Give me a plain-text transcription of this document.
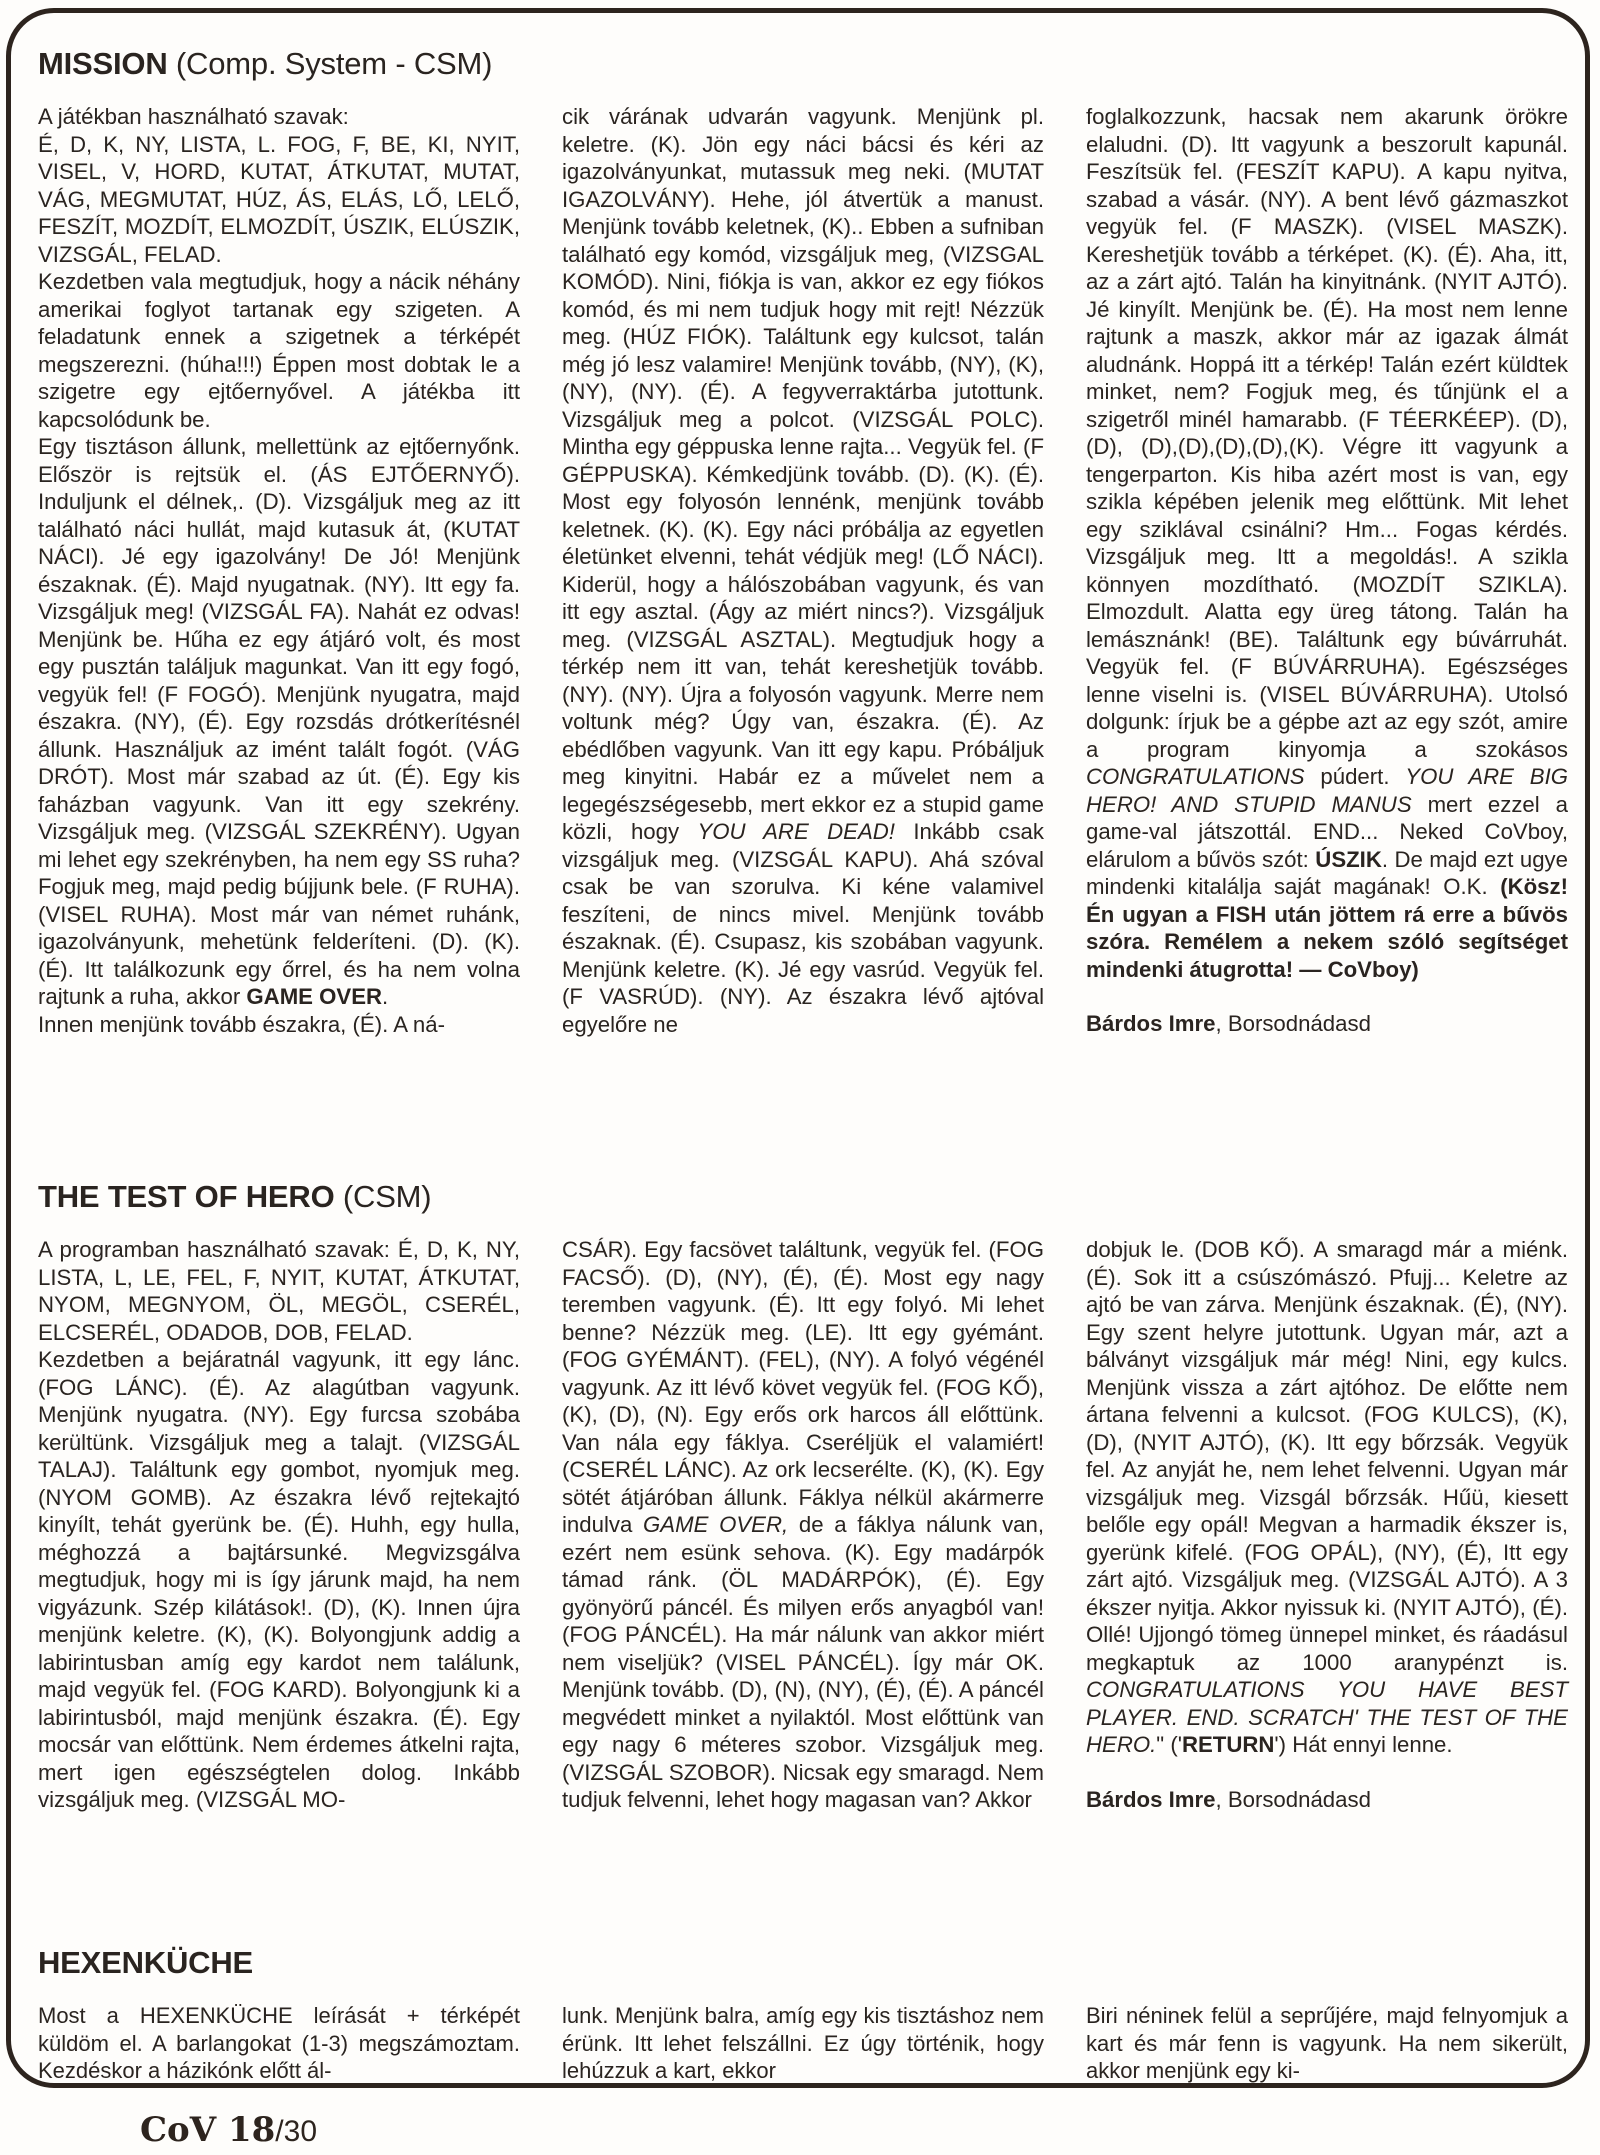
MISSION (Comp. System - CSM)

A játékban használható szavak:

É, D, K, NY, LISTA, L. FOG, F, BE, KI, NYIT, VISEL, V, HORD, KUTAT, ÁTKUTAT, MUTAT, VÁG, MEGMUTAT, HÚZ, ÁS, ELÁS, LŐ, LELŐ, FESZÍT, MOZDÍT, ELMOZDÍT, ÚSZIK, ELÚSZIK, VIZSGÁL, FELAD.

Kezdetben vala megtudjuk, hogy a nácik néhány amerikai foglyot tartanak egy szigeten. A feladatunk ennek a szigetnek a térképét megszerezni. (húha!!!) Éppen most dobtak le a szigetre egy ejtőernyővel. A játékba itt kapcsolódunk be.

Egy tisztáson állunk, mellettünk az ejtőernyőnk. Először is rejtsük el. (ÁS EJTŐERNYŐ). Induljunk el délnek,. (D). Vizsgáljuk meg az itt található náci hullát, majd kutasuk át, (KUTAT NÁCI). Jé egy igazolvány! De Jó! Menjünk északnak. (É). Majd nyugatnak. (NY). Itt egy fa. Vizsgáljuk meg! (VIZSGÁL FA). Nahát ez odvas! Menjünk be. Hűha ez egy átjáró volt, és most egy pusztán találjuk magunkat. Van itt egy fogó, vegyük fel! (F FOGÓ). Menjünk nyugatra, majd északra. (NY), (É). Egy rozsdás drótkerítésnél állunk. Használjuk az imént talált fogót. (VÁG DRÓT). Most már szabad az út. (É). Egy kis faházban vagyunk. Van itt egy szekrény. Vizsgáljuk meg. (VIZSGÁL SZEKRÉNY). Ugyan mi lehet egy szekrényben, ha nem egy SS ruha? Fogjuk meg, majd pedig bújjunk bele. (F RUHA). (VISEL RUHA). Most már van német ruhánk, igazolványunk, mehetünk felderíteni. (D). (K). (É). Itt találkozunk egy őrrel, és ha nem volna rajtunk a ruha, akkor GAME OVER.

Innen menjünk tovább északra, (É). A ná-

cik várának udvarán vagyunk. Menjünk pl. keletre. (K). Jön egy náci bácsi és kéri az igazolványunkat, mutassuk meg neki. (MUTAT IGAZOLVÁNY). Hehe, jól átvertük a manust. Menjünk tovább keletnek, (K).. Ebben a sufniban található egy komód, vizsgáljuk meg, (VIZSGAL KOMÓD). Nini, fiókja is van, akkor ez egy fiókos komód, és mi nem tudjuk hogy mit rejt! Nézzük meg. (HÚZ FIÓK). Találtunk egy kulcsot, talán még jó lesz valamire! Menjünk tovább, (NY), (K), (NY), (NY). (É). A fegyverraktárba jutottunk. Vizsgáljuk meg a polcot. (VIZSGÁL POLC). Mintha egy géppuska lenne rajta... Vegyük fel. (F GÉPPUSKA). Kémkedjünk tovább. (D). (K). (É). Most egy folyosón lennénk, menjünk tovább keletnek. (K). (K). Egy náci próbálja az egyetlen életünket elvenni, tehát védjük meg! (LŐ NÁCI). Kiderül, hogy a hálószobában vagyunk, és van itt egy asztal. (Ágy az miért nincs?). Vizsgáljuk meg. (VIZSGÁL ASZTAL). Megtudjuk hogy a térkép nem itt van, tehát kereshetjük tovább. (NY). (NY). Újra a folyosón vagyunk. Merre nem voltunk még? Úgy van, északra. (É). Az ebédlőben vagyunk. Van itt egy kapu. Próbáljuk meg kinyitni. Habár ez a művelet nem a legegészségesebb, mert ekkor ez a stupid game közli, hogy YOU ARE DEAD! Inkább csak vizsgáljuk meg. (VIZSGÁL KAPU). Ahá szóval csak be van szorulva. Ki kéne valamivel feszíteni, de nincs mivel. Menjünk tovább északnak. (É). Csupasz, kis szobában vagyunk. Menjünk keletre. (K). Jé egy vasrúd. Vegyük fel. (F VASRÚD). (NY). Az északra lévő ajtóval egyelőre ne

foglalkozzunk, hacsak nem akarunk örökre elaludni. (D). Itt vagyunk a beszorult kapunál. Feszítsük fel. (FESZÍT KAPU). A kapu nyitva, szabad a vásár. (NY). A bent lévő gázmaszkot vegyük fel. (F MASZK). (VISEL MASZK). Kereshetjük tovább a térképet. (K). (É). Aha, itt, az a zárt ajtó. Talán ha kinyitnánk. (NYIT AJTÓ). Jé kinyílt. Menjünk be. (É). Ha most nem lenne rajtunk a maszk, akkor már az igazak álmát aludnánk. Hoppá itt a térkép! Talán ezért küldtek minket, nem? Fogjuk meg, és tűnjünk el a szigetről minél hamarabb. (F TÉERKÉEP). (D),(D), (D),(D),(D),(D),(K). Végre itt vagyunk a tengerparton. Kis hiba azért most is van, egy szikla képében jelenik meg előttünk. Mit lehet egy sziklával csinálni? Hm... Fogas kérdés. Vizsgáljuk meg. Itt a megoldás!. A szikla könnyen mozdítható. (MOZDÍT SZIKLA). Elmozdult. Alatta egy üreg tátong. Talán ha lemásznánk! (BE). Találtunk egy búvárruhát. Vegyük fel. (F BÚVÁRRUHA). Egészséges lenne viselni is. (VISEL BÚVÁRRUHA). Utolsó dolgunk: írjuk be a gépbe azt az egy szót, amire a program kinyomja a szokásos CONGRATULATIONS púdert. YOU ARE BIG HERO! AND STUPID MANUS mert ezzel a game-val játszottál. END... Neked CoVboy, elárulom a bűvös szót: ÚSZIK. De majd ezt ugye mindenki kitalálja saját magának! O.K. (Kösz! Én ugyan a FISH után jöttem rá erre a bűvös szóra. Remélem a nekem szóló segítséget mindenki átugrotta! — CoVboy)

Bárdos Imre, Borsodnádasd

THE TEST OF HERO (CSM)

A programban használható szavak: É, D, K, NY, LISTA, L, LE, FEL, F, NYIT, KUTAT, ÁTKUTAT, NYOM, MEGNYOM, ÖL, MEGÖL, CSERÉL, ELCSERÉL, ODADOB, DOB, FELAD.

Kezdetben a bejáratnál vagyunk, itt egy lánc. (FOG LÁNC). (É). Az alagútban vagyunk. Menjünk nyugatra. (NY). Egy furcsa szobába kerültünk. Vizsgáljuk meg a talajt. (VIZSGÁL TALAJ). Találtunk egy gombot, nyomjuk meg. (NYOM GOMB). Az északra lévő rejtekajtó kinyílt, tehát gyerünk be. (É). Huhh, egy hulla, méghozzá a bajtársunké. Megvizsgálva megtudjuk, hogy mi is így járunk majd, ha nem vigyázunk. Szép kilátások!. (D), (K). Innen újra menjünk keletre. (K), (K). Bolyongjunk addig a labirintusban amíg egy kardot nem találunk, majd vegyük fel. (FOG KARD). Bolyongjunk ki a labirintusból, majd menjünk északra. (É). Egy mocsár van előttünk. Nem érdemes átkelni rajta, mert igen egészségtelen dolog. Inkább vizsgáljuk meg. (VIZSGÁL MO-

CSÁR). Egy facsövet találtunk, vegyük fel. (FOG FACSŐ). (D), (NY), (É), (É). Most egy nagy teremben vagyunk. (É). Itt egy folyó. Mi lehet benne? Nézzük meg. (LE). Itt egy gyémánt. (FOG GYÉMÁNT). (FEL), (NY). A folyó végénél vagyunk. Az itt lévő követ vegyük fel. (FOG KŐ), (K), (D), (N). Egy erős ork harcos áll előttünk. Van nála egy fáklya. Cseréljük el valamiért! (CSERÉL LÁNC). Az ork lecserélte. (K), (K). Egy sötét átjáróban állunk. Fáklya nélkül akármerre indulva GAME OVER, de a fáklya nálunk van, ezért nem esünk sehova. (K). Egy madárpók támad ránk. (ÖL MADÁRPÓK), (É). Egy gyönyörű páncél. És milyen erős anyagból van! (FOG PÁNCÉL). Ha már nálunk van akkor miért nem viseljük? (VISEL PÁNCÉL). Így már OK. Menjünk tovább. (D), (N), (NY), (É), (É). A páncél megvédett minket a nyilaktól. Most előttünk van egy nagy 6 méteres szobor. Vizsgáljuk meg. (VIZSGÁL SZOBOR). Nicsak egy smaragd. Nem tudjuk felvenni, lehet hogy magasan van? Akkor

dobjuk le. (DOB KŐ). A smaragd már a miénk. (É). Sok itt a csúszómászó. Pfujj... Keletre az ajtó be van zárva. Menjünk északnak. (É), (NY). Egy szent helyre jutottunk. Ugyan már, azt a bálványt vizsgáljuk már még! Nini, egy kulcs. Menjünk vissza a zárt ajtóhoz. De előtte nem ártana felvenni a kulcsot. (FOG KULCS), (K), (D), (NYIT AJTÓ), (K). Itt egy bőrzsák. Vegyük fel. Az anyját he, nem lehet felvenni. Ugyan már vizsgáljuk meg. Vizsgál bőrzsák. Hűü, kiesett belőle egy opál! Megvan a harmadik ékszer is, gyerünk kifelé. (FOG OPÁL), (NY), (É), Itt egy zárt ajtó. Vizsgáljuk meg. (VIZSGÁL AJTÓ). A 3 ékszer nyitja. Akkor nyissuk ki. (NYIT AJTÓ), (É). Ollé! Ujjongó tömeg ünnepel minket, és ráadásul megkaptuk az 1000 aranypénzt is. CONGRATULATIONS YOU HAVE BEST PLAYER. END. SCRATCH' THE TEST OF THE HERO." ('RETURN') Hát ennyi lenne.

Bárdos Imre, Borsodnádasd

HEXENKÜCHE

Most a HEXENKÜCHE leírását + térképét küldöm el. A barlangokat (1-3) megszámoztam. Kezdéskor a házikónk előtt ál-

lunk. Menjünk balra, amíg egy kis tisztáshoz nem érünk. Itt lehet felszállni. Ez úgy történik, hogy lehúzzuk a kart, ekkor

Biri néninek felül a seprűjére, majd felnyomjuk a kart és már fenn is vagyunk. Ha nem sikerült, akkor menjünk egy ki-

CoV 18/30
